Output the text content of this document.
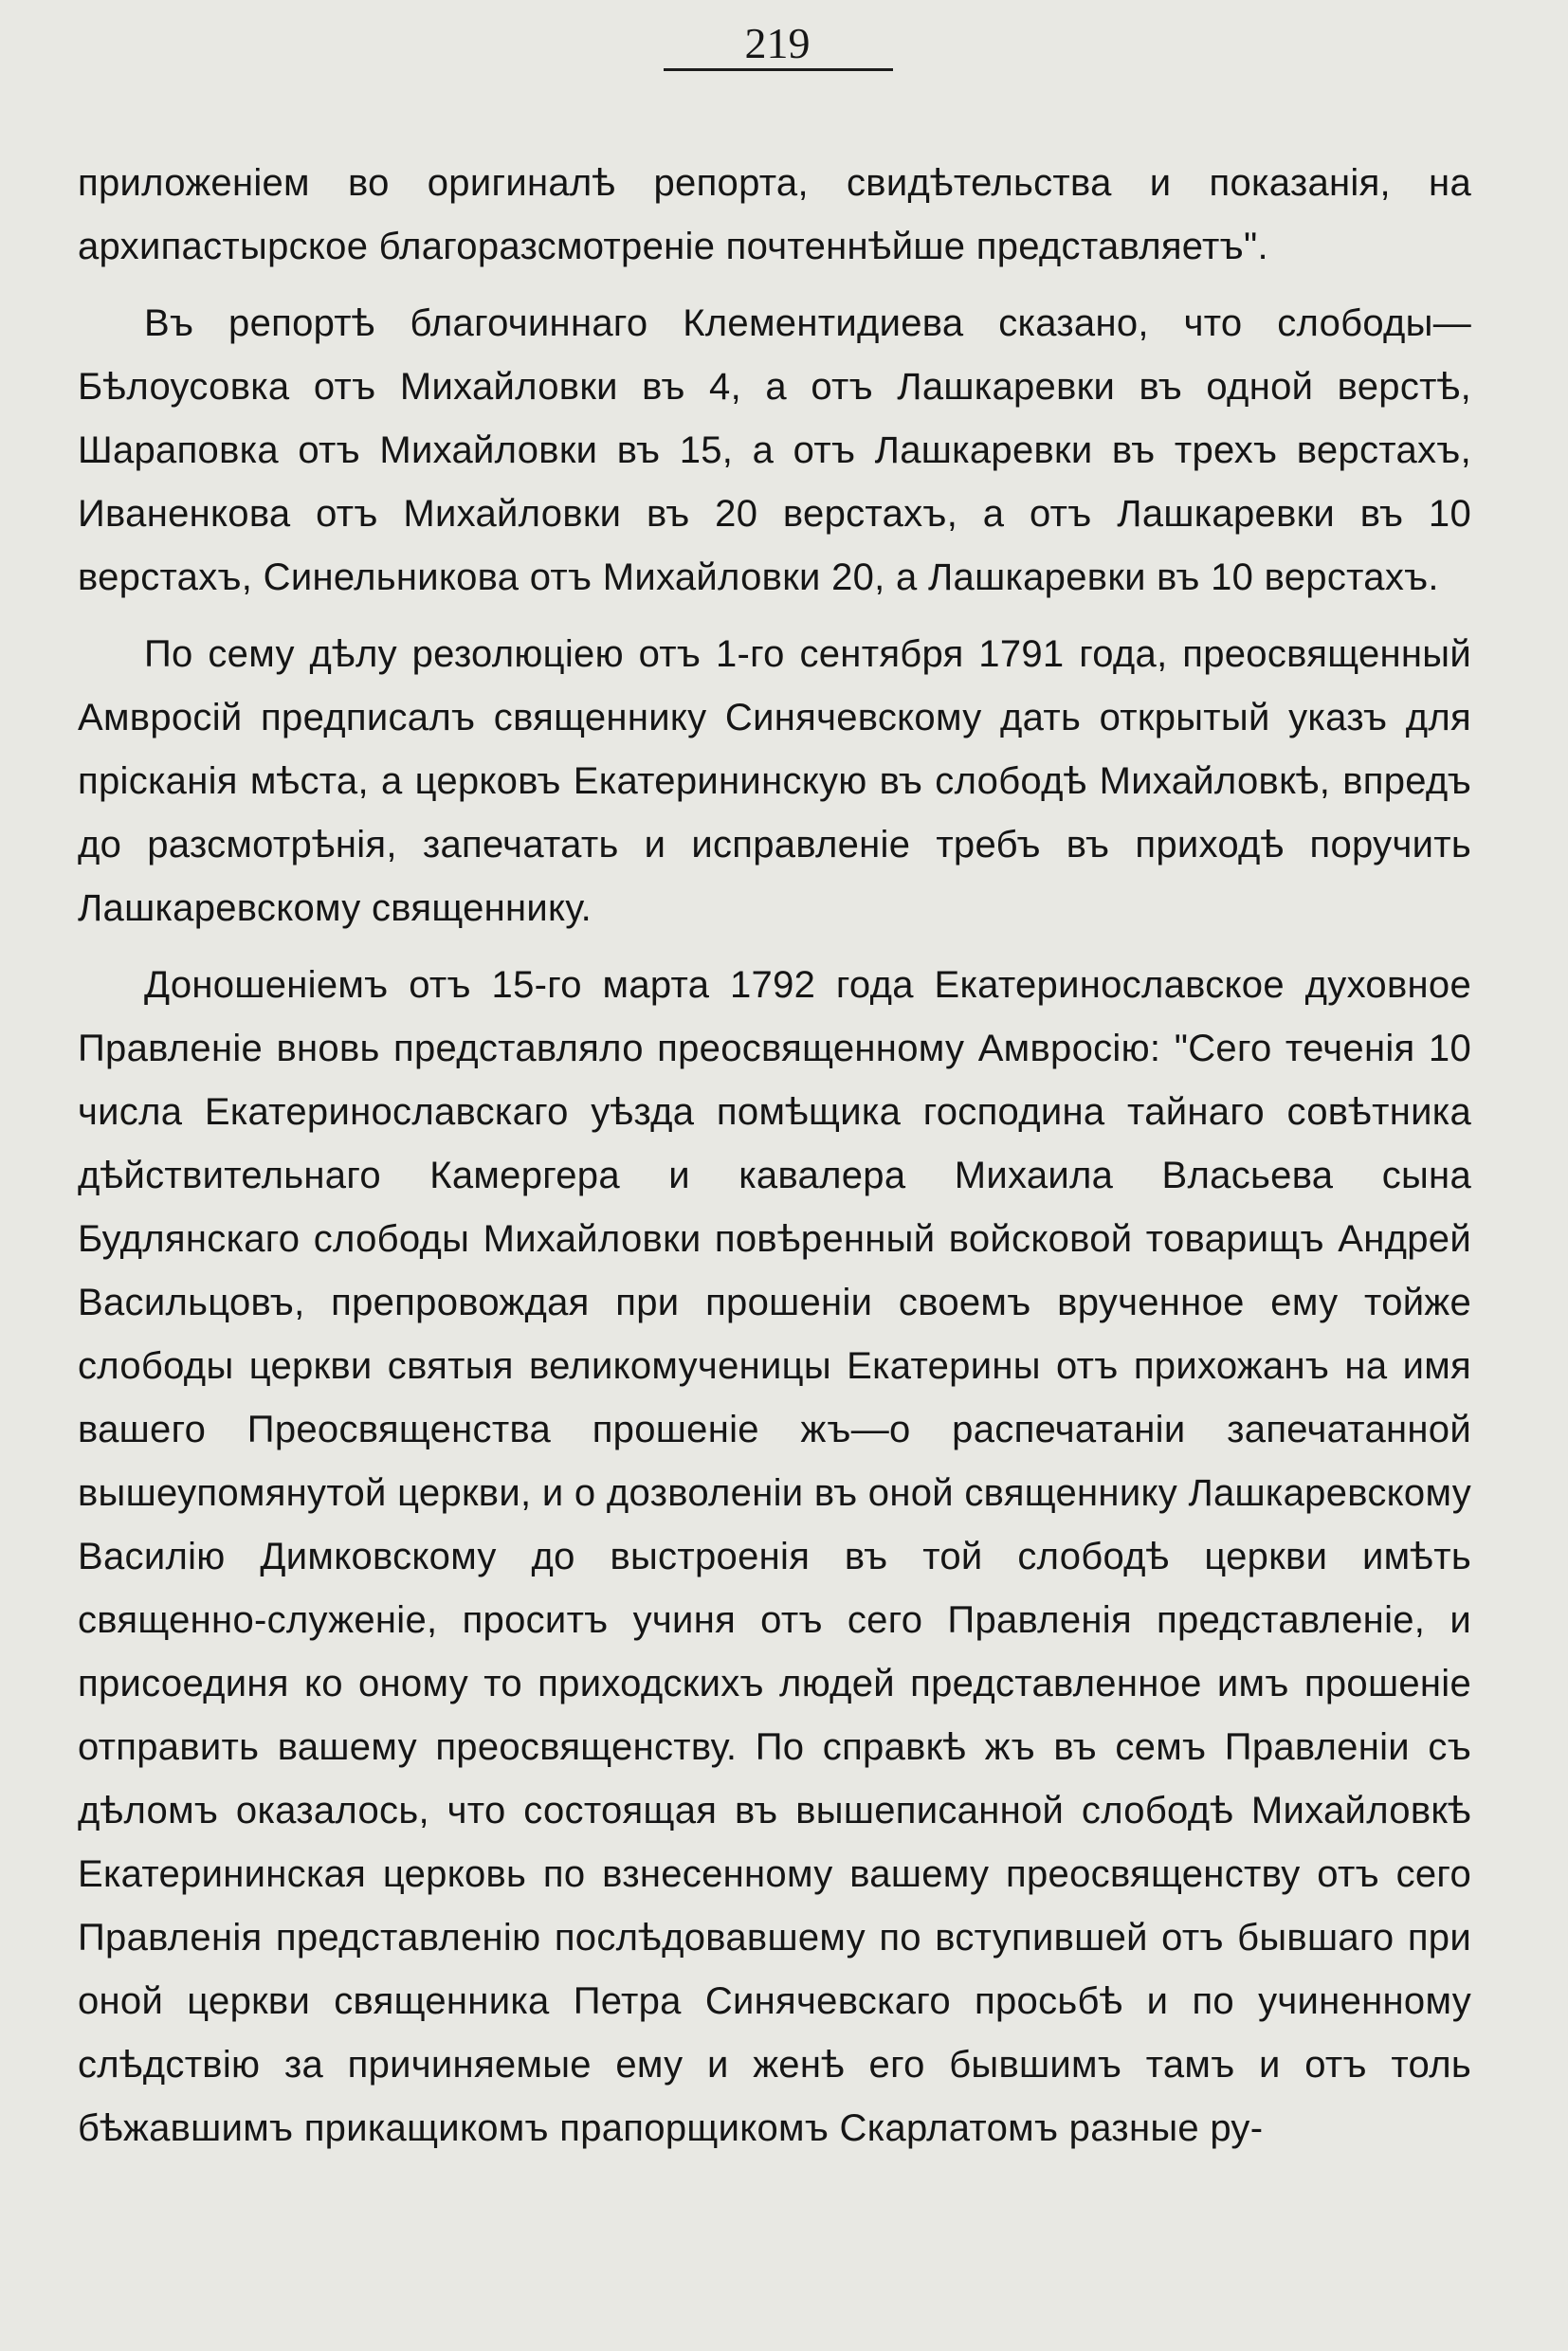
219

приложеніем во оригиналѣ репорта, свидѣтельства и показанія, на архипастырское благоразсмотреніе почтеннѣйше представляетъ".

Въ репортѣ благочиннаго Клементидиева сказано, что слободы—Бѣлоусовка отъ Михайловки въ 4, а отъ Лашкаревки въ одной верстѣ, Шараповка отъ Михайловки въ 15, а отъ Лашкаревки въ трехъ верстахъ, Иваненкова отъ Михайловки въ 20 верстахъ, а отъ Лашкаревки въ 10 верстахъ, Синельникова отъ Михайловки 20, а Лашкаревки въ 10 верстахъ.

По сему дѣлу резолюціею отъ 1-го сентября 1791 года, преосвященный Амвросій предписалъ священнику Синячевскому дать открытый указъ для прісканія мѣста, а церковъ Екатерининскую въ слободѣ Михайловкѣ, впредъ до разсмотрѣнія, запечатать и исправленіе требъ въ приходѣ поручить Лашкаревскому священнику.

Доношеніемъ отъ 15-го марта 1792 года Екатеринославское духовное Правленіе вновь представляло преосвященному Амвросію: "Сего теченія 10 числа Екатеринославскаго уѣзда помѣщика господина тайнаго совѣтника дѣйствительнаго Камергера и кавалера Михаила Власьева сына Будлянскаго слободы Михайловки повѣренный войсковой товарищъ Андрей Васильцовъ, препровождая при прошеніи своемъ врученное ему тойже слободы церкви святыя великомученицы Екатерины отъ прихожанъ на имя вашего Преосвященства прошеніе жъ—о распечатаніи запечатанной вышеупомянутой церкви, и о дозволеніи въ оной священнику Лашкаревскому Василію Димковскому до выстроенія въ той слободѣ церкви имѣть священно-служеніе, проситъ учиня отъ сего Правленія представленіе, и присоединя ко оному то приходскихъ людей представленное имъ прошеніе отправить вашему преосвященству. По справкѣ жъ въ семъ Правленіи съ дѣломъ оказалось, что состоящая въ вышеписанной слободѣ Михайловкѣ Екатерининская церковь по взнесенному вашему преосвященству отъ сего Правленія представленію послѣдовавшему по вступившей отъ бывшаго при оной церкви священника Петра Синячевскаго просьбѣ и по учиненному слѣдствію за причиняемые ему и женѣ его бывшимъ тамъ и отъ толь бѣжавшимъ прикащикомъ прапорщикомъ Скарлатомъ разные ру-
